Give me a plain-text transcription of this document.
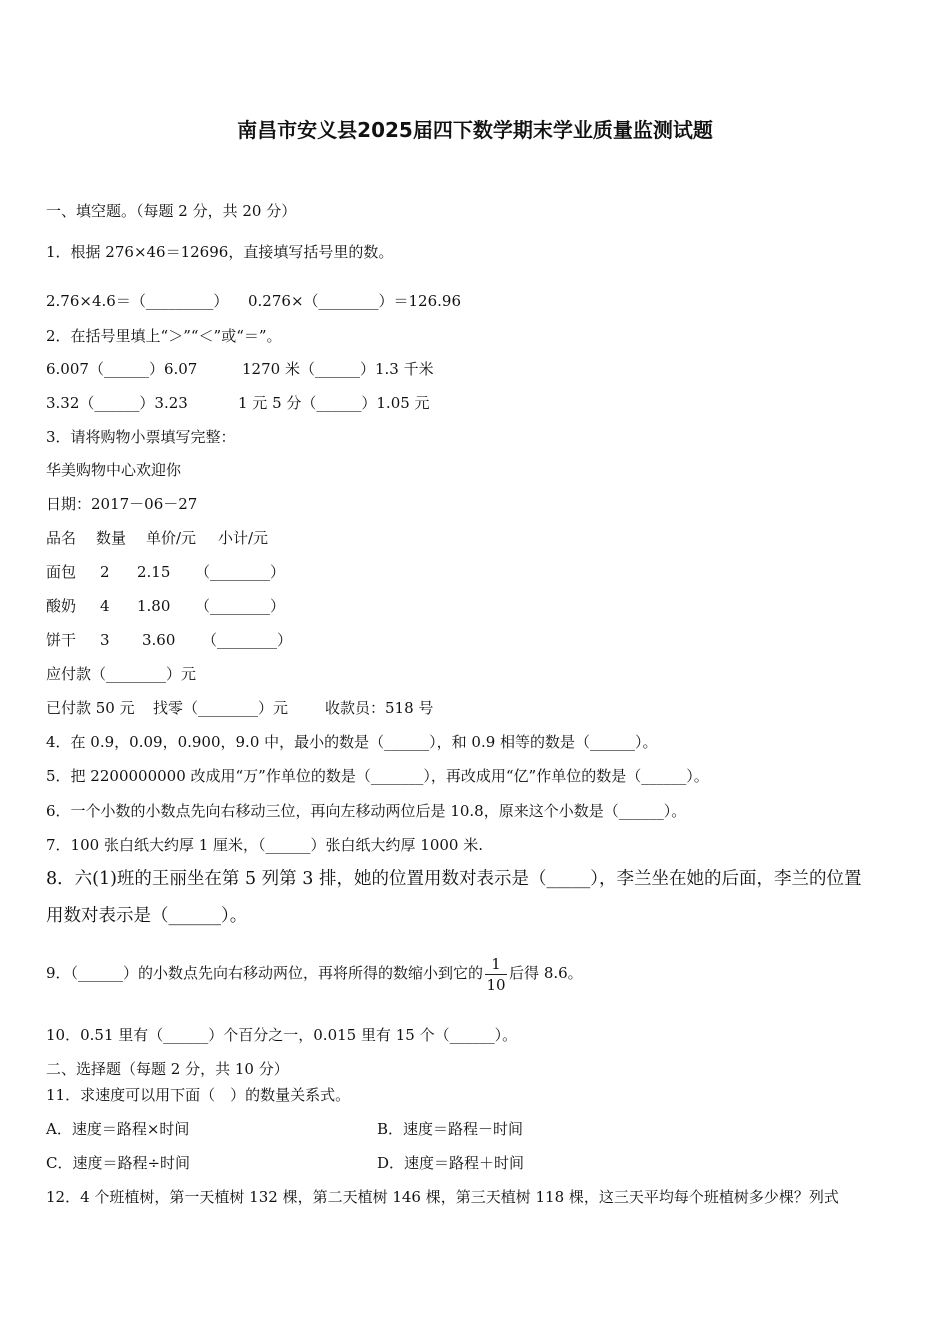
南昌市安义县2025届四下数学期末学业质量监测试题
一、填空题。（每题 2 分，共 20 分）
1．根据 276×46＝12696，直接填写括号里的数。
2.76×4.6＝（_________） 0.276×（________）＝126.96
2．在括号里填上“＞”“＜”或“＝”。
6.007（______）6.07	1270 米（______）1.3 千米
3.32（______）3.23	1 元 5 分（______）1.05 元
3．请将购物小票填写完整：
华美购物中心欢迎你
日期：2017－06－27
品名 数量 单价/元 小计/元
面包 2 2.15 （________）
酸奶 4 1.80 （________）
饼干 3 3.60 （________）
应付款（________）元
已付款 50 元 找零（________）元 收款员：518 号
4．在 0.9，0.09，0.900，9.0 中，最小的数是（______），和 0.9 相等的数是（______）。
5．把 2200000000 改成用“万”作单位的数是（_______），再改成用“亿”作单位的数是（______）。
6．一个小数的小数点先向右移动三位，再向左移动两位后是 10.8，原来这个小数是（______）。
7．100 张白纸大约厚 1 厘米，（______）张白纸大约厚 1000 米.
8．六(1)班的王丽坐在第 5 列第 3 排，她的位置用数对表示是（_____），李兰坐在她的后面，李兰的位置
用数对表示是（______）。
9．（______）的小数点先向右移动两位，再将所得的数缩小到它的 $\frac{1}{10}$ 后得 8.6。
10．0.51 里有（______）个百分之一，0.015 里有 15 个（______）。
二、选择题（每题 2 分，共 10 分）
11．求速度可以用下面（　）的数量关系式。
A．速度＝路程×时间	B．速度＝路程－时间
C．速度＝路程÷时间	D．速度＝路程＋时间
12．4 个班植树，第一天植树 132 棵，第二天植树 146 棵，第三天植树 118 棵，这三天平均每个班植树多少棵？列式
